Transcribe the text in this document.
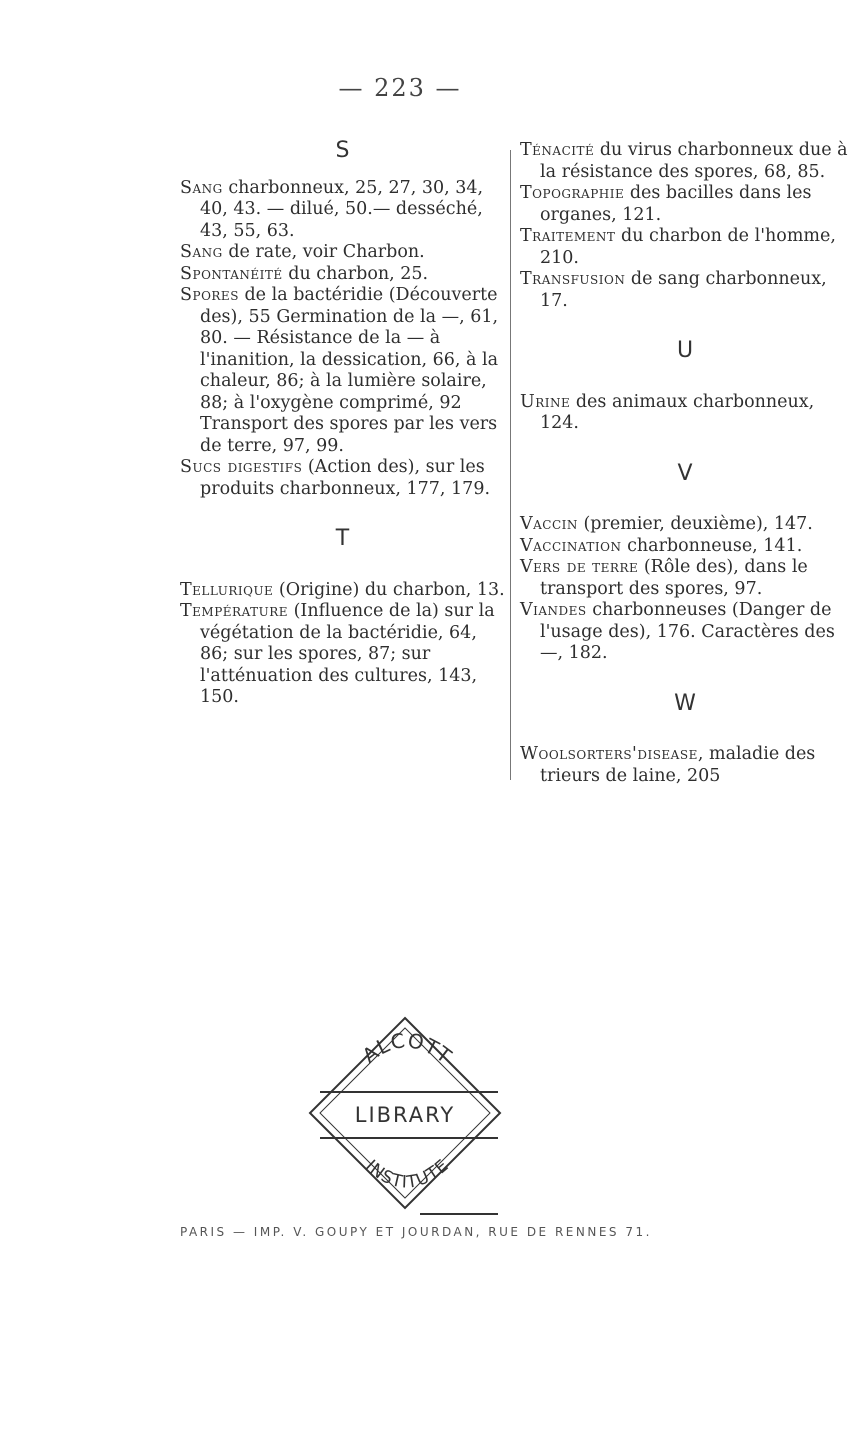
— 223 —

S

Sang charbonneux, 25, 27, 30, 34, 40, 43. — dilué, 50.— desséché, 43, 55, 63.

Sang de rate, voir Charbon.

Spontanéité du charbon, 25.

Spores de la bactéridie (Découverte des), 55 Germination de la —, 61, 80. — Résistance de la — à l'inanition, la dessication, 66, à la chaleur, 86; à la lumière solaire, 88; à l'oxygène comprimé, 92 Transport des spores par les vers de terre, 97, 99.

Sucs digestifs (Action des), sur les produits charbonneux, 177, 179.

T

Tellurique (Origine) du charbon, 13.

Température (Influence de la) sur la végétation de la bactéridie, 64, 86; sur les spores, 87; sur l'atténuation des cultures, 143, 150.

Ténacité du virus charbonneux due à la résistance des spores, 68, 85.

Topographie des bacilles dans les organes, 121.

Traitement du charbon de l'homme, 210.

Transfusion de sang charbonneux, 17.

U

Urine des animaux charbonneux, 124.

V

Vaccin (premier, deuxième), 147.

Vaccination charbonneuse, 141.

Vers de terre (Rôle des), dans le transport des spores, 97.

Viandes charbonneuses (Danger de l'usage des), 176. Caractères des —, 182.

W

Woolsorters'disease, maladie des trieurs de laine, 205

ALCOTT
LIBRARY
INSTITUTE
PARIS — IMP. V. GOUPY ET JOURDAN, RUE DE RENNES 71.
